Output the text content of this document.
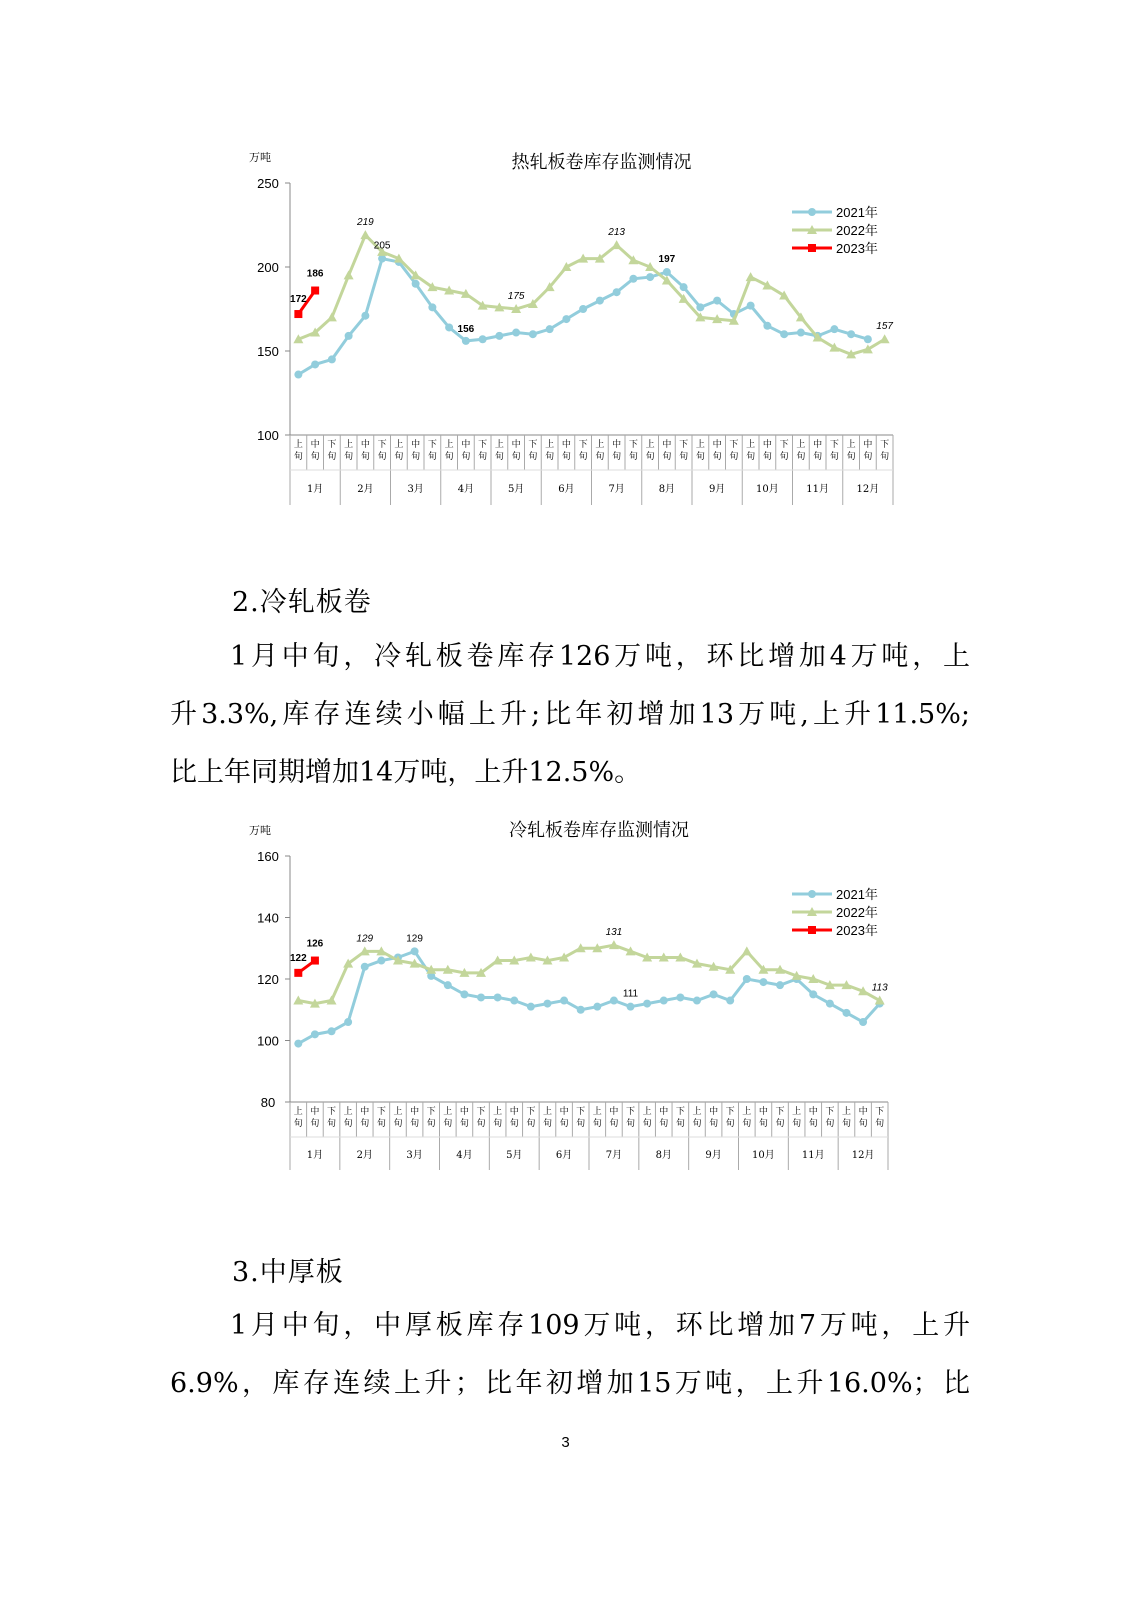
热轧板卷库存监测情况
万吨
100
150
200
250
上
旬
中
旬
下
旬
上
旬
中
旬
下
旬
上
旬
中
旬
下
旬
上
旬
中
旬
下
旬
上
旬
中
旬
下
旬
上
旬
中
旬
下
旬
上
旬
中
旬
下
旬
上
旬
中
旬
下
旬
上
旬
中
旬
下
旬
上
旬
中
旬
下
旬
上
旬
中
旬
下
旬
上
旬
中
旬
下
旬
1月	2月	3月	4月	5月	6月	7月	8月	9月	10月	11月	12月
172
186
219
205
156
175
213
197
157
2021年
2022年
2023年
2.冷轧板卷
1月中旬，冷轧板卷库存126万吨，环比增加4万吨，上
升3.3%,库存连续小幅上升;比年初增加13万吨,上升11.5%;
比上年同期增加14万吨，上升12.5%。
冷轧板卷库存监测情况
万吨
80
100
120
140
160
上
旬
中
旬
下
旬
上
旬
中
旬
下
旬
上
旬
中
旬
下
旬
上
旬
中
旬
下
旬
上
旬
中
旬
下
旬
上
旬
中
旬
下
旬
上
旬
中
旬
下
旬
上
旬
中
旬
下
旬
上
旬
中
旬
下
旬
上
旬
中
旬
下
旬
上
旬
中
旬
下
旬
上
旬
中
旬
下
旬
1月	2月	3月	4月	5月	6月	7月	8月	9月	10月	11月	12月
122
126	129	129
131
111
113
2021年
2022年
2023年
3.中厚板
1月中旬，中厚板库存109万吨，环比增加7万吨，上升
6.9%，库存连续上升；比年初增加15万吨，上升16.0%；比
3
